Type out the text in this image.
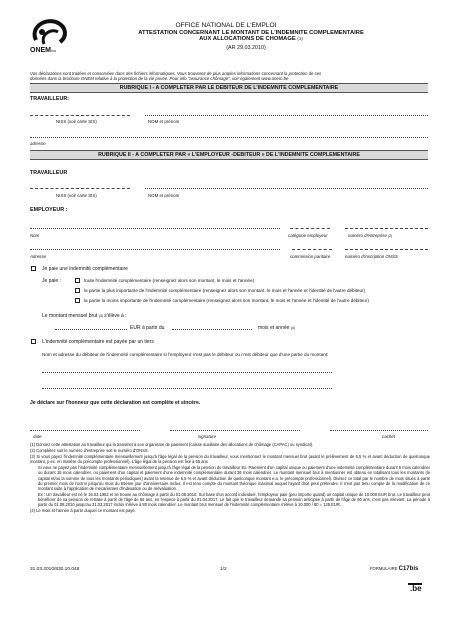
ONEMrva
OFFICE NATIONAL DE L'EMPLOI
ATTESTATION CONCERNANT LE MONTANT DE L'INDEMNITE COMPLEMENTAIRE
AUX ALLOCATIONS DE CHOMAGE (1)
(AR 29.03.2010)
Vos déclarations sont traitées et conservées dans des fichiers informatiques. Vous trouverez de plus amples informations concernant la protection de ces
données dans la brochure ONEM relative à la protection de la vie privée. Pour info "assurance chômage", voir également www.onem.be
RUBRIQUE I - A COMPLETER PAR LE DEBITEUR DE L'INDEMNITE COMPLEMENTAIRE
TRAVAILLEUR:
NISS (voir carte SIS)	NOM et prénom
adresse
RUBRIQUE II - A COMPLETER PAR « L'EMPLOYEUR -DEBITEUR » DE L'INDEMNITE COMPLEMENTAIRE
TRAVAILLEUR
NISS (voir carte SIS)	NOM et prénom
EMPLOYEUR :
Nom	catégorie employeur	numéro d'entreprise (2)
Adresse	commission paritaire	numéro d'inscription ONSS
Je paie une indemnité complémentaire
Je paie :	toute l'indemnité complémentaire (renseignez alors son montant, le mois et l'année)
la partie la plus importante de l'indemnité complémentaire (renseignez alors son montant, le mois et l'année et l'identité de l'autre débiteur)
la partie la moins importante de l'indemnité complémentaire (renseignez alors son montant, le mois et l'année et l'identité de l'autre débiteur)
Le montant mensuel brut (3) s'élève à :
EUR à partir du	mois et année (4)
L'indemnité complémentaire est payée par un tiers
Nom et adresse du débiteur de l'indemnité complémentaire si l'employeur n'est pas le débiteur ou n'est débiteur que d'une partie du montant:
Je déclare sur l'honneur que cette déclaration est complète et sincère.
date	signature	cachet
(1) Donnez cette attestation au travailleur qui la transmet à son organisme de paiement (caisse auxiliaire des allocations de chômage (CAPAC) ou syndicat).
(2) Complétez soit le numéro d'entreprise soit le numéro d'ONSS.
(3) Si vous payez l'indemnité complémentaire mensuellement jusqu'à l'âge légal de la pension du travailleur, vous mentionnez le montant mensuel brut (avant le prélèvement de 6,5 % et avant déduction de quelconque montant, p.ex. en matière du précompte professionnel). L'âge légal de la pension est fixé à 65 ans
Si vous ne payez pas l'indemnité complémentaire mensuellement jusqu'à l'âge légal de la pension du travailleur Ex. Paiement d'un capital unique ou paiement d'une indemnité complémentaire durant 5 mois calendrier ou durant 15 mois calendrier, ou paiement d'un capital et paiement d'une indemnité complémentaire durant 36 mois calendrier. Le montant mensuel brut à mentionner est obtenu en totalisant tous les montants (le capital et/ou la somme de tous les montants périodiques) avant la retenue de 6,5 % et avant déduction de quelconque montant e.a. le précompte professionnel). Divisez ce total par le nombre de mois situés à partir du premier mois de l'octroi jusqu'au mois du 65ème jour d'anniversaire inclus. Il est tenu compte du montant théorique maximal auquel l'ayant droit peut prétendre. Il n'est pas tenu compte de la modification de ce montant suite à l'application de mécanismes d'indexation ou de réévaluation.
Ex : Un travailleur est né le 16.03.1952 et se trouve au chômage à partir du 01.08.2010. Sur base d'un accord individuel, l'employeur paie (peu importe quand) un capital unique de 10.000 EUR brut. Le travailleur peut bénéficier de sa pension de retraite à partir de l'âge de 65 ans, en l'espèce à partir du 01.04.2017. Le fait que le travailleur demande sa pension anticipée à partir de l'âge de 60 ans, n'est pas relevant. La période à partir du 01.08.2010 jusqu'au 31.03.2017 inclus s'élève à 80 mois calendrier. Le montant brut mensuel de l'indemnité complémentaire s'élève à 10.000 / 80 = 125 EUR.
(4) Le mois et l'année à partir duquel ce montant est payé.
31.03.2010/830.10.048	1/2	FORMULAIRE C17bis
.be
